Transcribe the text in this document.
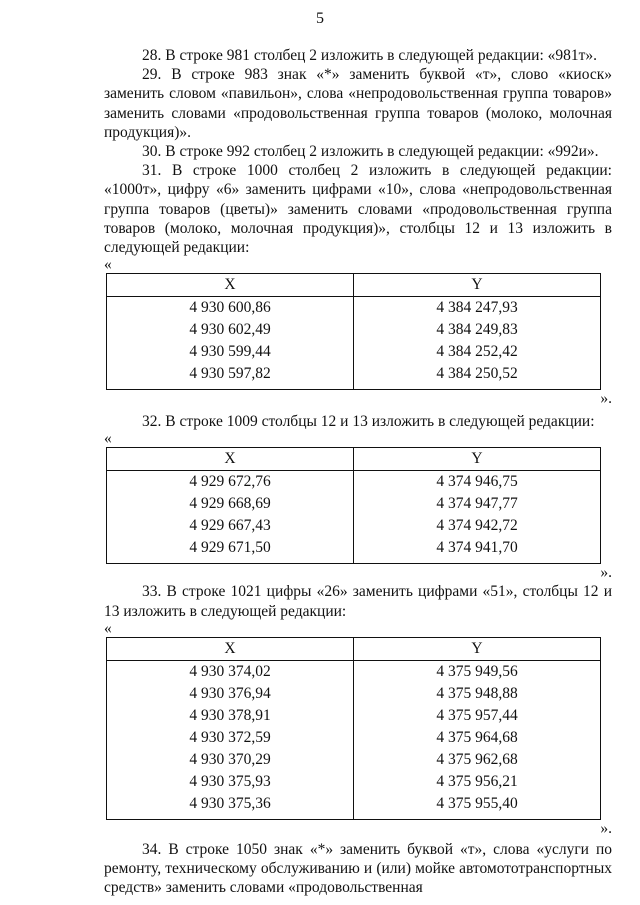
5

28. В строке 981 столбец 2 изложить в следующей редакции: «981т».

29. В строке 983 знак «*» заменить буквой «т», слово «киоск» заменить словом «павильон», слова «непродовольственная группа товаров» заменить словами «продовольственная группа товаров (молоко, молочная продукция)».

30. В строке 992 столбец 2 изложить в следующей редакции: «992и».

31. В строке 1000 столбец 2 изложить в следующей редакции: «1000т», цифру «6» заменить цифрами «10», слова «непродовольственная группа товаров (цветы)» заменить словами «продовольственная группа товаров (молоко, молочная продукция)», столбцы 12 и 13 изложить в следующей редакции:

«

X	Y
4 930 600,86	4 384 247,93
4 930 602,49	4 384 249,83
4 930 599,44	4 384 252,42
4 930 597,82	4 384 250,52

».

32. В строке 1009 столбцы 12 и 13 изложить в следующей редакции:

«

X	Y
4 929 672,76	4 374 946,75
4 929 668,69	4 374 947,77
4 929 667,43	4 374 942,72
4 929 671,50	4 374 941,70

».

33. В строке 1021 цифры «26» заменить цифрами «51», столбцы 12 и 13 изложить в следующей редакции:

«

X	Y
4 930 374,02	4 375 949,56
4 930 376,94	4 375 948,88
4 930 378,91	4 375 957,44
4 930 372,59	4 375 964,68
4 930 370,29	4 375 962,68
4 930 375,93	4 375 956,21
4 930 375,36	4 375 955,40

».

34. В строке 1050 знак «*» заменить буквой «т», слова «услуги по ремонту, техническому обслуживанию и (или) мойке автомототранспортных средств» заменить словами «продовольственная
